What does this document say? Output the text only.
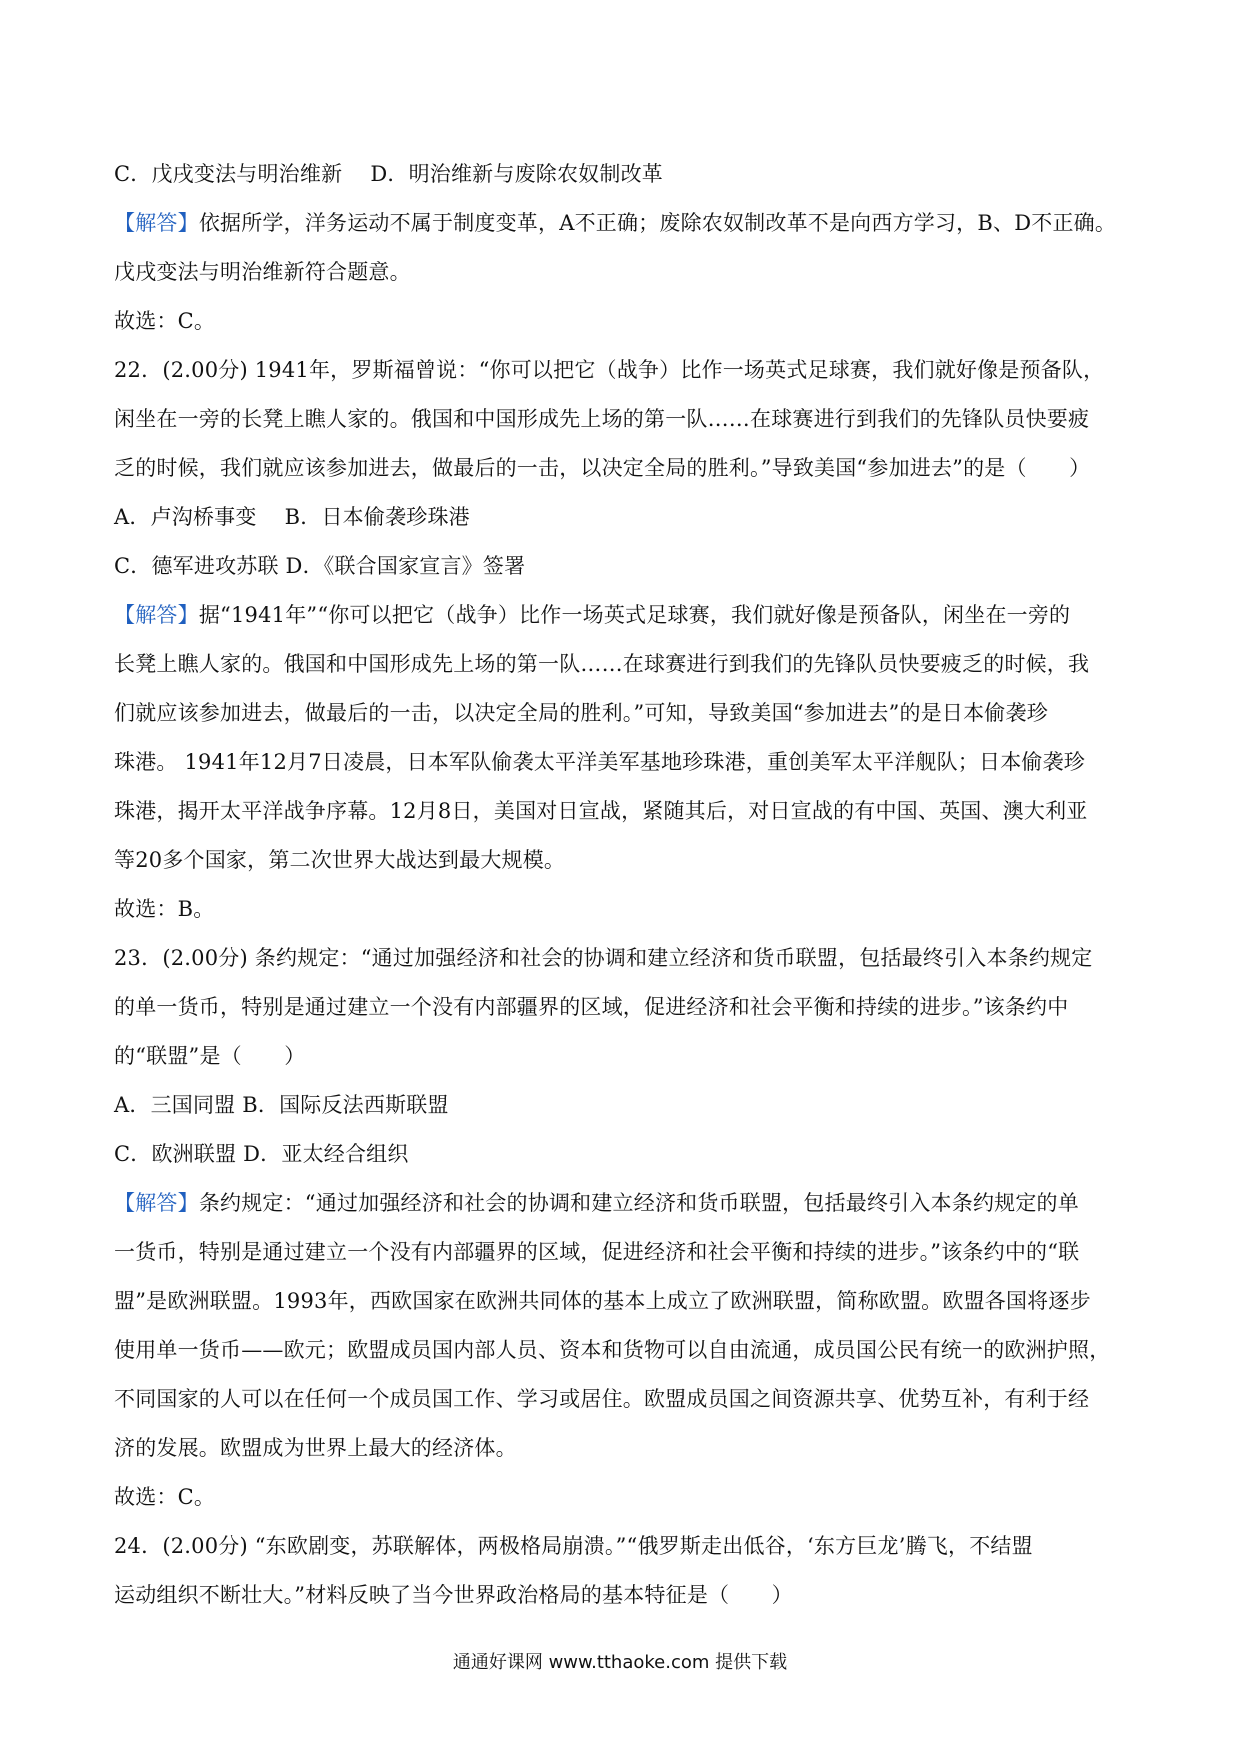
C．戊戌变法与明治维新　 D．明治维新与废除农奴制改革
【解答】依据所学，洋务运动不属于制度变革，A不正确；废除农奴制改革不是向西方学习，B、D不正确。
戊戌变法与明治维新符合题意。
故选：C。
22．(2.00分) 1941年，罗斯福曾说：“你可以把它（战争）比作一场英式足球赛，我们就好像是预备队，
闲坐在一旁的长凳上瞧人家的。俄国和中国形成先上场的第一队……在球赛进行到我们的先锋队员快要疲
乏的时候，我们就应该参加进去，做最后的一击，以决定全局的胜利。”导致美国“参加进去”的是（　　）
A．卢沟桥事变　 B．日本偷袭珍珠港
C．德军进攻苏联 D．《联合国家宣言》签署
【解答】据“1941年”“你可以把它（战争）比作一场英式足球赛，我们就好像是预备队，闲坐在一旁的
长凳上瞧人家的。俄国和中国形成先上场的第一队……在球赛进行到我们的先锋队员快要疲乏的时候，我
们就应该参加进去，做最后的一击，以决定全局的胜利。”可知，导致美国“参加进去”的是日本偷袭珍
珠港。 1941年12月7日凌晨，日本军队偷袭太平洋美军基地珍珠港，重创美军太平洋舰队；日本偷袭珍
珠港，揭开太平洋战争序幕。12月8日，美国对日宣战，紧随其后，对日宣战的有中国、英国、澳大利亚
等20多个国家，第二次世界大战达到最大规模。
故选：B。
23．(2.00分) 条约规定：“通过加强经济和社会的协调和建立经济和货币联盟，包括最终引入本条约规定
的单一货币，特别是通过建立一个没有内部疆界的区域，促进经济和社会平衡和持续的进步。”该条约中
的“联盟”是（　　）
A．三国同盟 B．国际反法西斯联盟
C．欧洲联盟 D．亚太经合组织
【解答】条约规定：“通过加强经济和社会的协调和建立经济和货币联盟，包括最终引入本条约规定的单
一货币，特别是通过建立一个没有内部疆界的区域，促进经济和社会平衡和持续的进步。”该条约中的“联
盟”是欧洲联盟。1993年，西欧国家在欧洲共同体的基本上成立了欧洲联盟，简称欧盟。欧盟各国将逐步
使用单一货币——欧元；欧盟成员国内部人员、资本和货物可以自由流通，成员国公民有统一的欧洲护照，
不同国家的人可以在任何一个成员国工作、学习或居住。欧盟成员国之间资源共享、优势互补，有利于经
济的发展。欧盟成为世界上最大的经济体。
故选：C。
24．(2.00分) “东欧剧变，苏联解体，两极格局崩溃。”“俄罗斯走出低谷，‘东方巨龙’腾飞，不结盟
运动组织不断壮大。”材料反映了当今世界政治格局的基本特征是（　　）
通通好课网 www.tthaoke.com 提供下载
